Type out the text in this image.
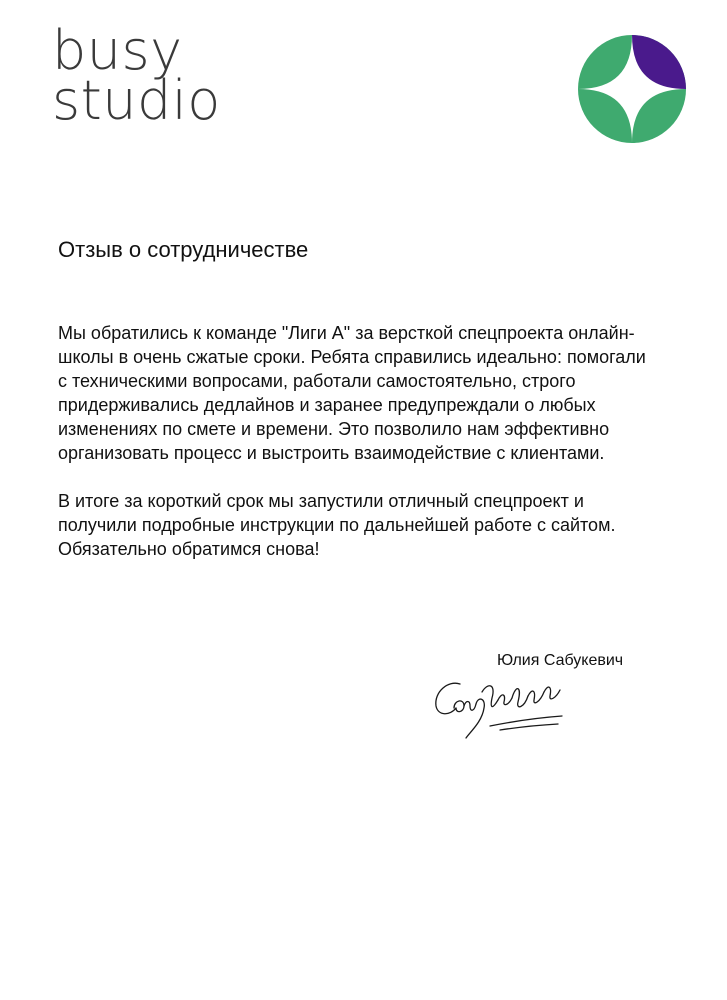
busy
studio
Отзыв о сотрудничестве

Мы обратились к команде "Лиги А" за версткой спецпроекта онлайн-школы в очень сжатые сроки. Ребята справились идеально: помогали с техническими вопросами, работали самостоятельно, строго придерживались дедлайнов и заранее предупреждали о любых изменениях по смете и времени. Это позволило нам эффективно организовать процесс и выстроить взаимодействие с клиентами.

В итоге за короткий срок мы запустили отличный спецпроект и получили подробные инструкции по дальнейшей работе с сайтом. Обязательно обратимся снова!

Юлия Сабукевич
